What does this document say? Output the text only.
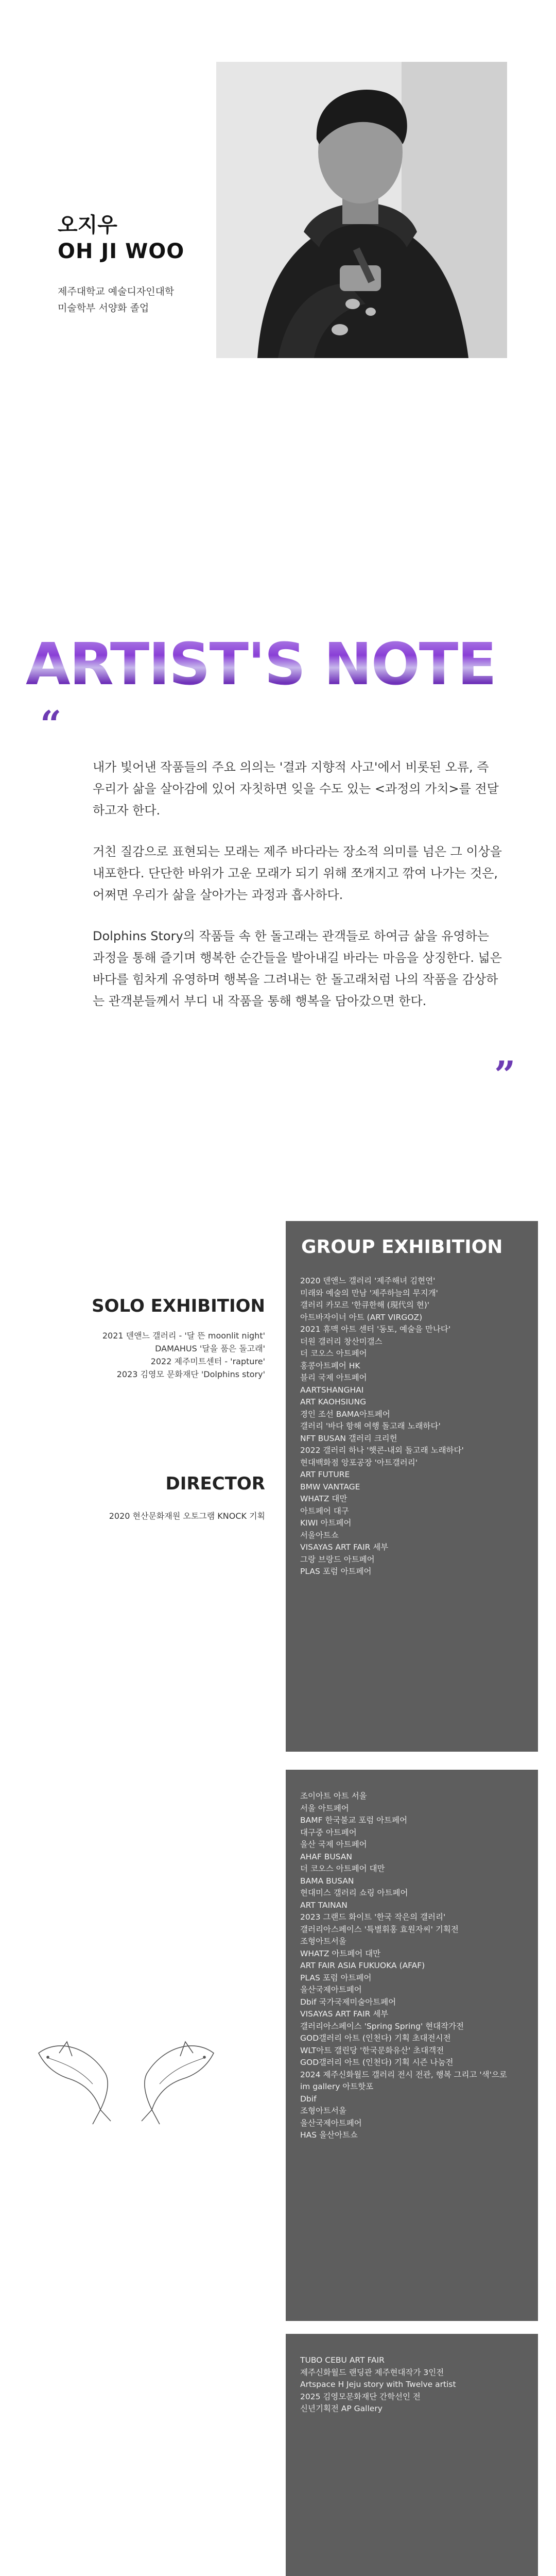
오지우
OH JI WOO
제주대학교 예술디자인대학
미술학부 서양화 졸업
ARTIST'S NOTE
“

내가 빛어낸 작품들의 주요 의의는 '결과 지향적 사고'에서 비롯된 오류, 즉 우리가 삶을 살아감에 있어 자칫하면 잊을 수도 있는 <과정의 가치>를 전달하고자 한다.

거친 질감으로 표현되는 모래는 제주 바다라는 장소적 의미를 넘은 그 이상을 내포한다. 단단한 바위가 고운 모래가 되기 위해 쪼개지고 깎여 나가는 것은, 어쩌면 우리가 삶을 살아가는 과정과 흡사하다.

Dolphins Story의 작품들 속 한 돌고래는 관객들로 하여금 삶을 유영하는 과정을 통해 즐기며 행복한 순간들을 발아내길 바라는 마음을 상징한다. 넓은 바다를 힘차게 유영하며 행복을 그려내는 한 돌고래처럼 나의 작품을 감상하는 관객분들께서 부디 내 작품을 통해 행복을 담아갔으면 한다.

”
SOLO EXHIBITION
2021 덴앤느 갤러리 - '달 뜬 moonlit night'
DAMAHUS '달을 품은 돌고래'
2022 제주미트센터 - 'rapture'
2023 김영모 문화재단 'Dolphins story'
DIRECTOR
2020 현산문화재원 오토그램 KNOCK 기획
GROUP EXHIBITION
2020 덴앤느 갤러리 '제주해녀 김현연'
미래와 예술의 만남 '제주하늘의 무지개'
갤러리 카모르 '한큐한해 (現代의 현)'
아트바자이너 아트 (ART VIRGOZ)
2021 휴맥 아트 센터 '동토, 예술을 만나다'
더원 갤러리 창산미갤스
더 코오스 아트페어
홍콩아트페어 HK
블리 국제 아트페어
AARTSHANGHAI
ART KAOHSIUNG
경인 조선 BAMA아트페어
갤러리 '바다 항해 여행 돌고래 노래하다'
NFT BUSAN 갤러리 크리헌
2022 갤러리 하나 '햇콘-내외 돌고래 노래하다'
현대백화점 앙포공장 '아트갤러리'
ART FUTURE
BMW VANTAGE
WHATZ 대만
아트페어 대구
KIWI 아트페어
서울아트쇼
VISAYAS ART FAIR 세부
그랑 브랑드 아트페어
PLAS 포럼 아트페어
조이아트 아트 서울
서울 아트페어
BAMF 한국불교 포럼 아트페어
대구중 아트페어
울산 국제 아트페어
AHAF BUSAN
더 코오스 아트페어 대만
BAMA BUSAN
현대미스 갤러리 쇼링 아트페어
ART TAINAN
2023 그랜드 화이트 '한국 작은의 갤러리'
갤러리아스페이스 '특별휘홍 효원자씨' 기획전
조형아트서울
WHATZ 아트페어 대만
ART FAIR ASIA FUKUOKA (AFAF)
PLAS 포럼 아트페어
울산국제아트페어
Dbif 국가국제미술아트페어
VISAYAS ART FAIR 세부
갤러리아스페이스 'Spring Spring' 현대작가전
GOD갤러리 아트 (인천다) 기획 초대전시전
WLT아트 갤린당 '한국문화유산' 초대객전
GOD갤러리 아트 (인천다) 기획 시즌 나눔전
2024 제주신화월드 갤러리 전시 전관, 행복 그리고 '색'으로
im gallery 아트핫포
Dbif
조형아트서울
울산국제아트페어
HAS 울산아트쇼
TUBO CEBU ART FAIR
제주신화월드 랜딩관 제주현대작가 3인전
Artspace H Jeju story with Twelve artist
2025 김영모문화재단 간학선인 전
신년기획전 AP Gallery
